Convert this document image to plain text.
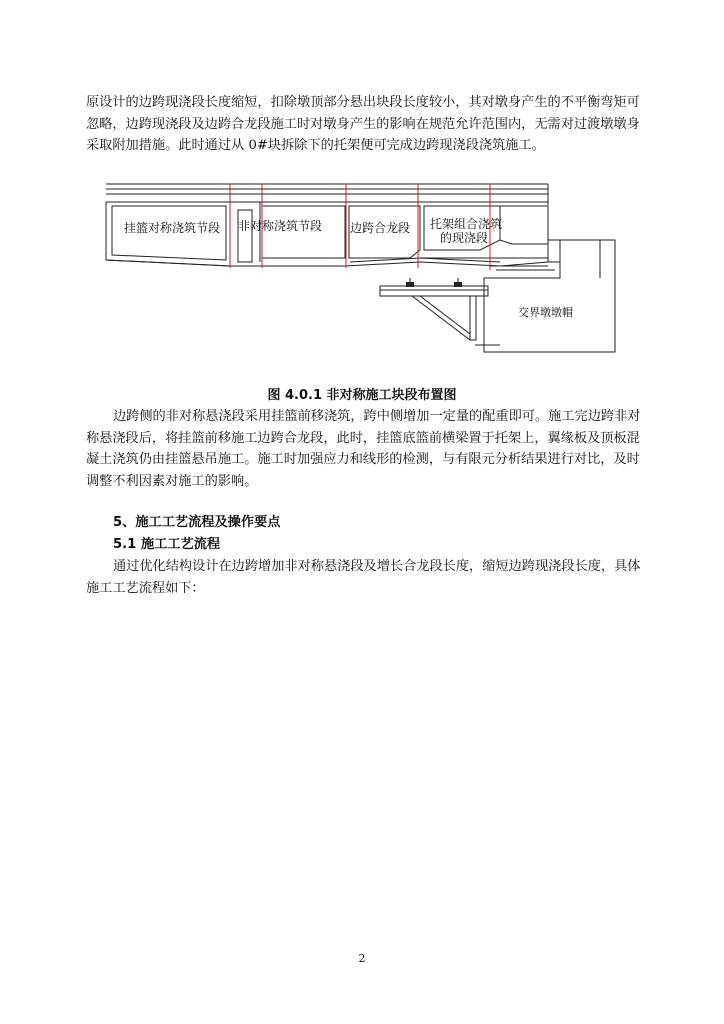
原设计的边跨现浇段长度缩短，扣除墩顶部分悬出块段长度较小，其对墩身产生的不平衡弯矩可
忽略，边跨现浇段及边跨合龙段施工时对墩身产生的影响在规范允许范围内，无需对过渡墩墩身
采取附加措施。此时通过从 0#块拆除下的托架便可完成边跨现浇段浇筑施工。
挂篮对称浇筑节段 非对称浇筑节段 边跨合龙段 托架组合浇筑
的现浇段
交界墩墩帽
图 4.0.1 非对称施工块段布置图
边跨侧的非对称悬浇段采用挂篮前移浇筑，跨中侧增加一定量的配重即可。施工完边跨非对
称悬浇段后，将挂篮前移施工边跨合龙段，此时，挂篮底篮前横梁置于托架上，翼缘板及顶板混
凝土浇筑仍由挂篮悬吊施工。施工时加强应力和线形的检测，与有限元分析结果进行对比，及时
调整不利因素对施工的影响。
5、施工工艺流程及操作要点
5.1 施工工艺流程
通过优化结构设计在边跨增加非对称悬浇段及增长合龙段长度，缩短边跨现浇段长度，具体
施工工艺流程如下：
2
